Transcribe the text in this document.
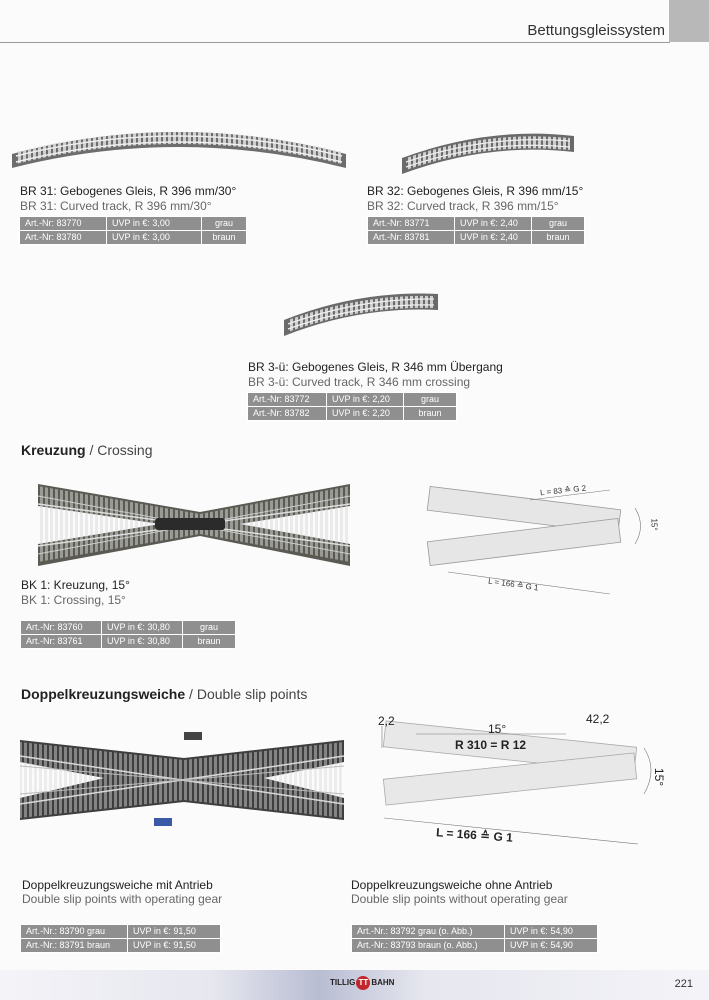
Bettungsgleissystem
BR 31: Gebogenes Gleis, R 396 mm/30°
BR 31: Curved track, R 396 mm/30°
Art.-Nr: 83770	UVP in €: 3,00	grau
Art.-Nr: 83780	UVP in €: 3,00	braun
BR 32: Gebogenes Gleis, R 396 mm/15°
BR 32: Curved track, R 396 mm/15°
Art.-Nr: 83771	UVP in €: 2,40	grau
Art.-Nr: 83781	UVP in €: 2,40	braun
BR 3-ü: Gebogenes Gleis, R 346 mm Übergang
BR 3-ü: Curved track, R 346 mm crossing
Art.-Nr: 83772	UVP in €: 2,20	grau
Art.-Nr: 83782	UVP in €: 2,20	braun
Kreuzung / Crossing
L = 83 ≙ G 2
L = 166 ≙ G 1
15°
BK 1: Kreuzung, 15°
BK 1: Crossing, 15°
Art.-Nr: 83760	UVP in €: 30,80	grau
Art.-Nr: 83761	UVP in €: 30,80	braun
Doppelkreuzungsweiche / Double slip points
2,2
15°
42,2
R 310 = R 12
15°
L = 166 ≙ G 1
Doppelkreuzungsweiche mit Antrieb
Double slip points with operating gear
Art.-Nr.: 83790 grau	UVP in €: 91,50
Art.-Nr.: 83791 braun	UVP in €: 91,50
Doppelkreuzungsweiche ohne Antrieb
Double slip points without operating gear
Art.-Nr.: 83792 grau (o. Abb.)	UVP in €: 54,90
Art.-Nr.: 83793 braun (o. Abb.)	UVP in €: 54,90
TILLIG TT BAHN	221
